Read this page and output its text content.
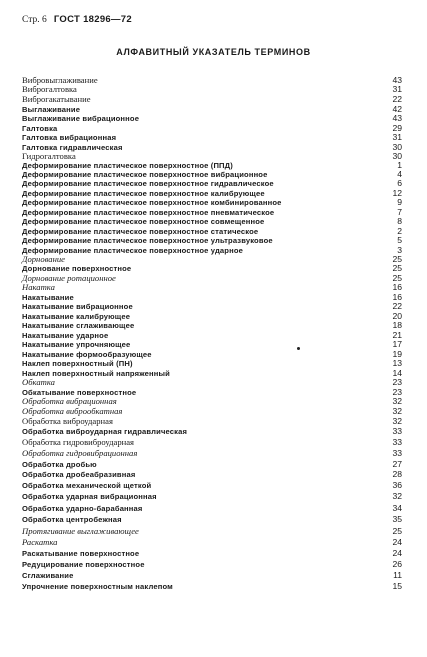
Стр. 6 ГОСТ 18296—72
АЛФАВИТНЫЙ УКАЗАТЕЛЬ ТЕРМИНОВ
Вибровыглаживание	43
Виброгалтовка	31
Виброгакатывание	22
Выглаживание	42
Выглаживание вибрационное	43
Галтовка	29
Галтовка вибрационная	31
Галтовка гидравлическая	30
Гидрогалтовка	30
Деформирование пластическое поверхностное (ППД)	1
Деформирование пластическое поверхностное вибрационное	4
Деформирование пластическое поверхностное гидравлическое	6
Деформирование пластическое поверхностное калибрующее	12
Деформирование пластическое поверхностное комбинированное	9
Деформирование пластическое поверхностное пневматическое	7
Деформирование пластическое поверхностное совмещенное	8
Деформирование пластическое поверхностное статическое	2
Деформирование пластическое поверхностное ультразвуковое	5
Деформирование пластическое поверхностное ударное	3
Дорнование	25
Дорнование поверхностное	25
Дорнование ротационное	25
Накатка	16
Накатывание	16
Накатывание вибрационное	22
Накатывание калибрующее	20
Накатывание сглаживающее	18
Накатывание ударное	21
Накатывание упрочняющее	17
Накатывание формообразующее	19
Наклеп поверхностный (ПН)	13
Наклеп поверхностный напряженный	14
Обкатка	23
Обкатывание поверхностное	23
Обработка вибрационная	32
Обработка виброобкатная	32
Обработка виброударная	32
Обработка виброударная гидравлическая	33
Обработка гидровиброударная	33
Обработка гидровибрационная	33
Обработка дробью	27
Обработка дробеабразивная	28
Обработка механической щеткой	36
Обработка ударная вибрационная	32
Обработка ударно-барабанная	34
Обработка центробежная	35
Протягивание выглаживающее	25
Раскатка	24
Раскатывание поверхностное	24
Редуцирование поверхностное	26
Сглаживание	11
Упрочнение поверхностным наклепом	15
